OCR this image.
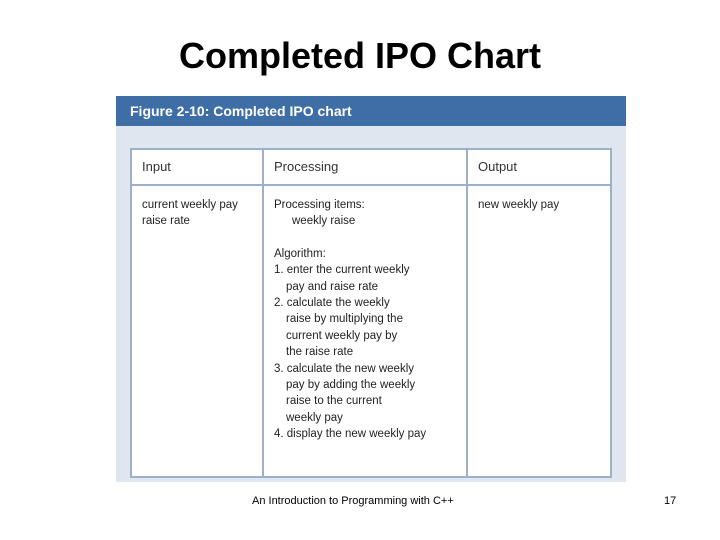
Completed IPO Chart
Figure 2-10: Completed IPO chart
Input
current weekly pay
raise rate
Processing
Processing items:
weekly raise
Algorithm:
1. enter the current weekly
pay and raise rate
2. calculate the weekly
raise by multiplying the
current weekly pay by
the raise rate
3. calculate the new weekly
pay by adding the weekly
raise to the current
weekly pay
4. display the new weekly pay
Output
new weekly pay
An Introduction to Programming with C++	17
